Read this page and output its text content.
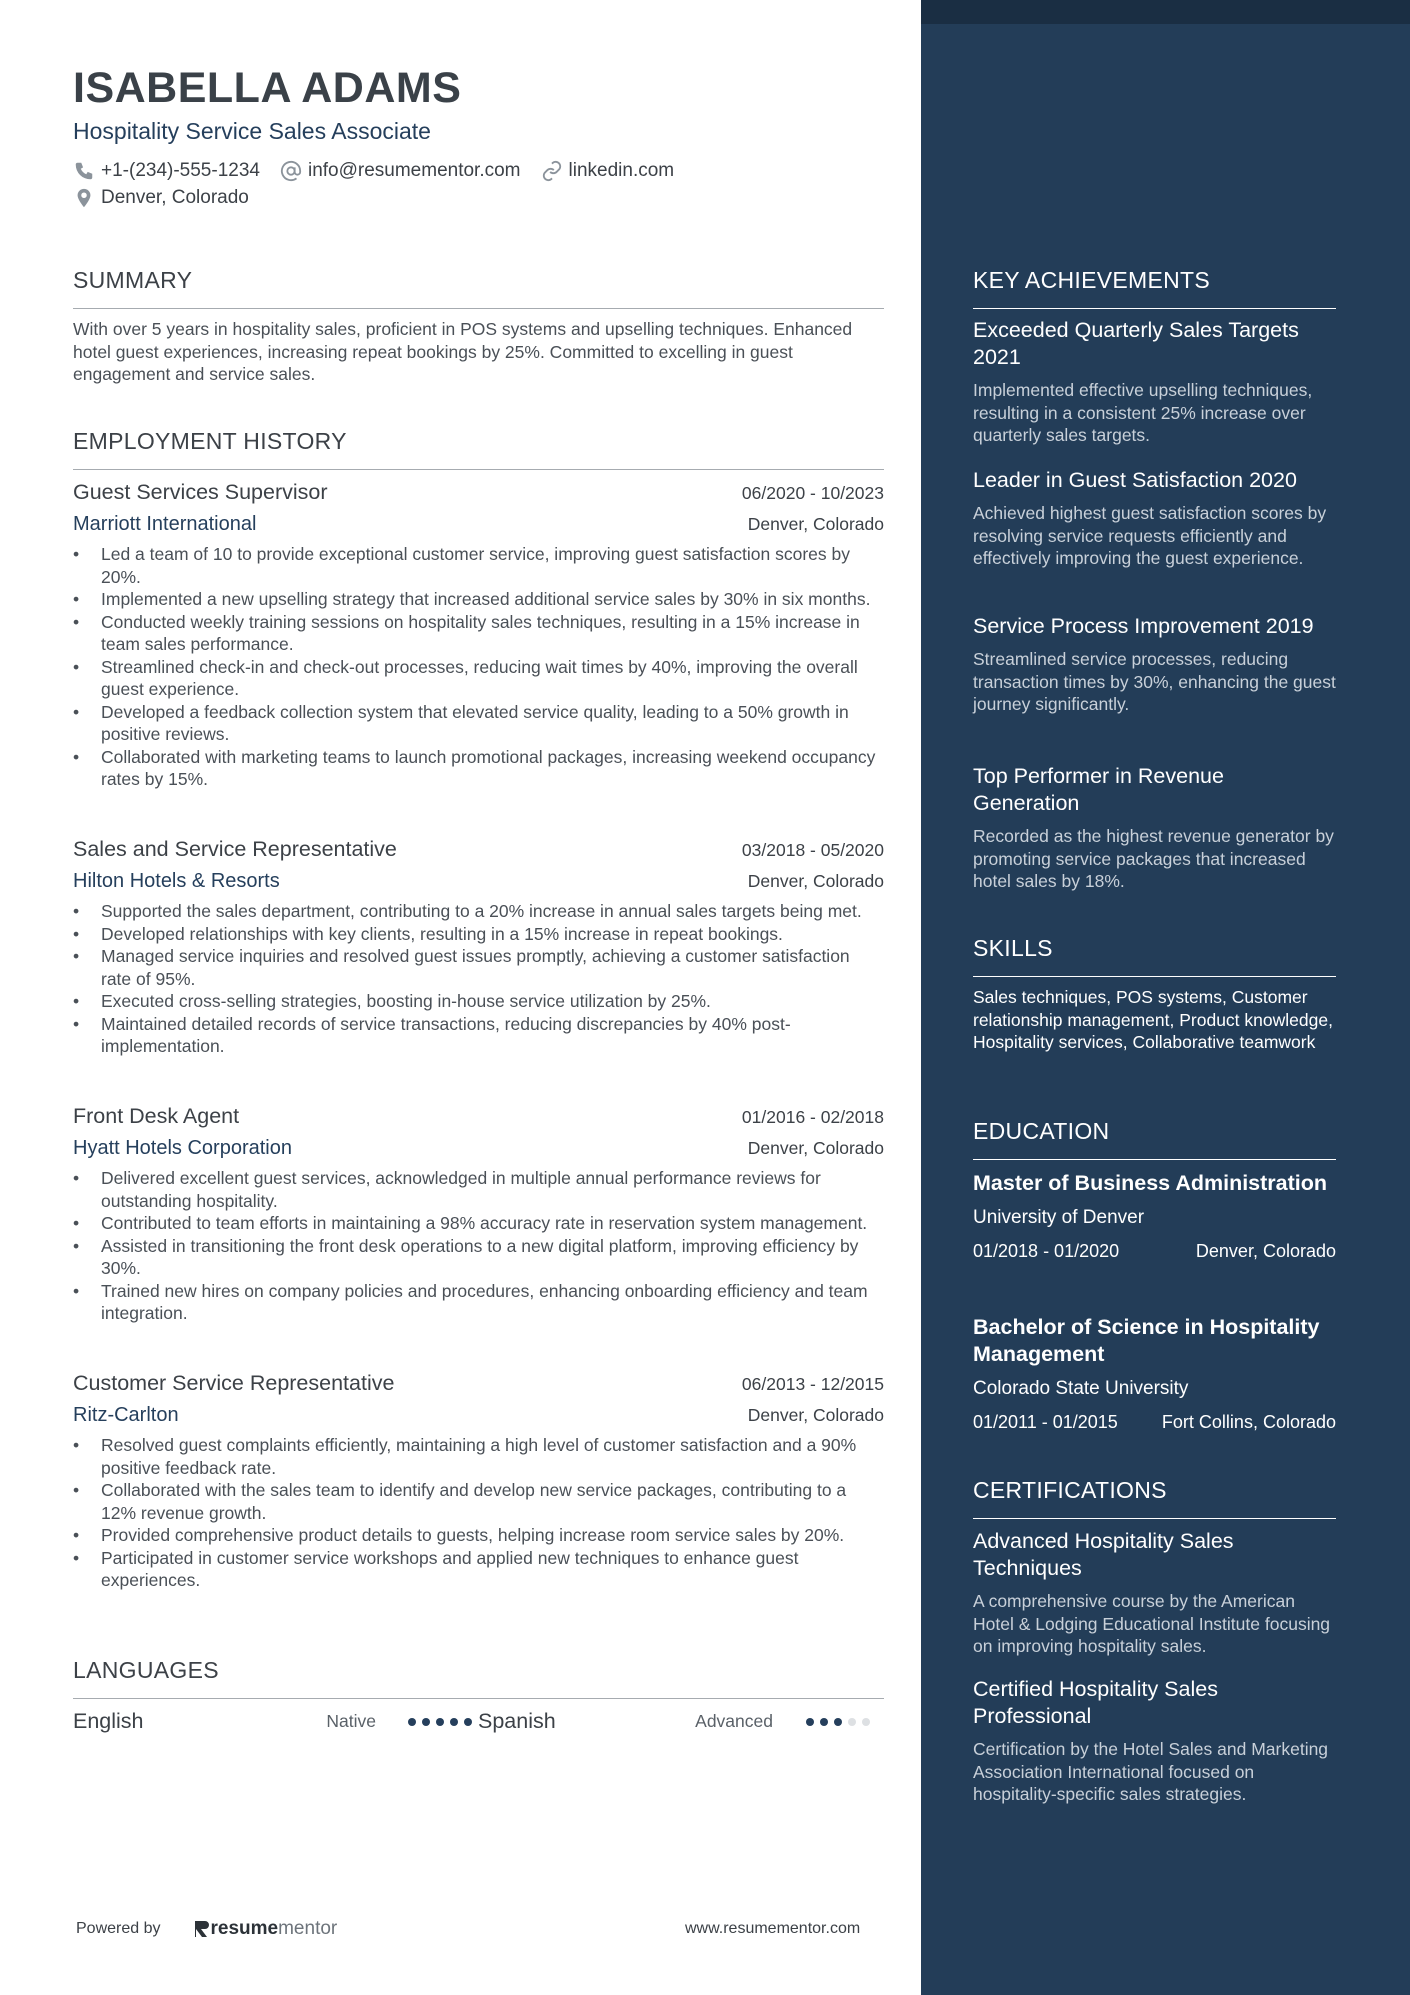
ISABELLA ADAMS
Hospitality Service Sales Associate
+1-(234)-555-1234	info@resumementor.com	linkedin.com
Denver, Colorado
SUMMARY
With over 5 years in hospitality sales, proficient in POS systems and upselling techniques. Enhanced hotel guest experiences, increasing repeat bookings by 25%. Committed to excelling in guest engagement and service sales.
EMPLOYMENT HISTORY
Guest Services Supervisor	06/2020 - 10/2023
Marriott International	Denver, Colorado
• Led a team of 10 to provide exceptional customer service, improving guest satisfaction scores by 20%.
• Implemented a new upselling strategy that increased additional service sales by 30% in six months.
• Conducted weekly training sessions on hospitality sales techniques, resulting in a 15% increase in team sales performance.
• Streamlined check-in and check-out processes, reducing wait times by 40%, improving the overall guest experience.
• Developed a feedback collection system that elevated service quality, leading to a 50% growth in positive reviews.
• Collaborated with marketing teams to launch promotional packages, increasing weekend occupancy rates by 15%.
Sales and Service Representative	03/2018 - 05/2020
Hilton Hotels & Resorts	Denver, Colorado
• Supported the sales department, contributing to a 20% increase in annual sales targets being met.
• Developed relationships with key clients, resulting in a 15% increase in repeat bookings.
• Managed service inquiries and resolved guest issues promptly, achieving a customer satisfaction rate of 95%.
• Executed cross-selling strategies, boosting in-house service utilization by 25%.
• Maintained detailed records of service transactions, reducing discrepancies by 40% post-implementation.
Front Desk Agent	01/2016 - 02/2018
Hyatt Hotels Corporation	Denver, Colorado
• Delivered excellent guest services, acknowledged in multiple annual performance reviews for outstanding hospitality.
• Contributed to team efforts in maintaining a 98% accuracy rate in reservation system management.
• Assisted in transitioning the front desk operations to a new digital platform, improving efficiency by 30%.
• Trained new hires on company policies and procedures, enhancing onboarding efficiency and team integration.
Customer Service Representative	06/2013 - 12/2015
Ritz-Carlton	Denver, Colorado
• Resolved guest complaints efficiently, maintaining a high level of customer satisfaction and a 90% positive feedback rate.
• Collaborated with the sales team to identify and develop new service packages, contributing to a 12% revenue growth.
• Provided comprehensive product details to guests, helping increase room service sales by 20%.
• Participated in customer service workshops and applied new techniques to enhance guest experiences.
LANGUAGES
English	Native	Spanish	Advanced
Powered by	resume mentor	www.resumementor.com
KEY ACHIEVEMENTS
Exceeded Quarterly Sales Targets 2021
Implemented effective upselling techniques, resulting in a consistent 25% increase over quarterly sales targets.
Leader in Guest Satisfaction 2020
Achieved highest guest satisfaction scores by resolving service requests efficiently and effectively improving the guest experience.
Service Process Improvement 2019
Streamlined service processes, reducing transaction times by 30%, enhancing the guest journey significantly.
Top Performer in Revenue Generation
Recorded as the highest revenue generator by promoting service packages that increased hotel sales by 18%.
SKILLS
Sales techniques, POS systems, Customer relationship management, Product knowledge, Hospitality services, Collaborative teamwork
EDUCATION
Master of Business Administration
University of Denver
01/2018 - 01/2020	Denver, Colorado
Bachelor of Science in Hospitality Management
Colorado State University
01/2011 - 01/2015 Fort Collins, Colorado
CERTIFICATIONS
Advanced Hospitality Sales Techniques
A comprehensive course by the American Hotel & Lodging Educational Institute focusing on improving hospitality sales.
Certified Hospitality Sales Professional
Certification by the Hotel Sales and Marketing Association International focused on hospitality-specific sales strategies.
